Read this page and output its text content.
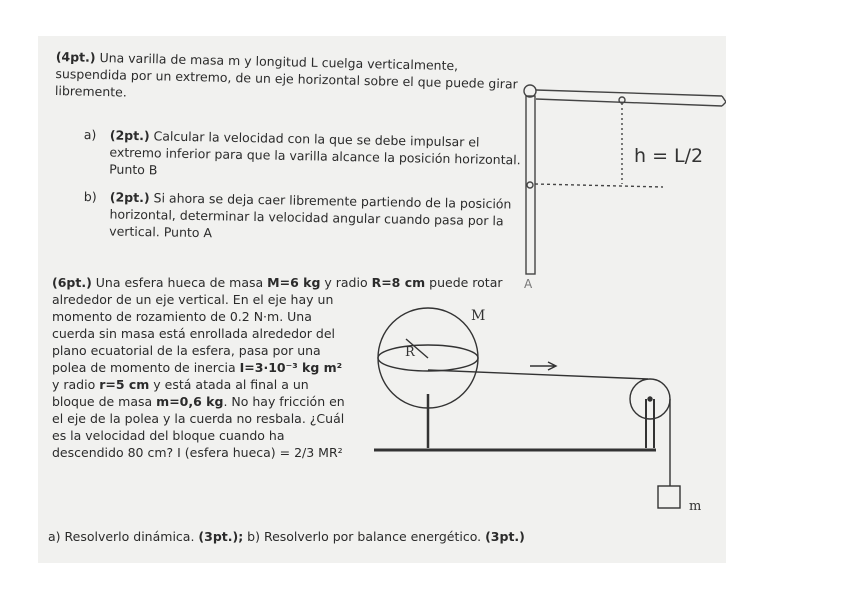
(4pt.) Una varilla de masa m y longitud L cuelga verticalmente, suspendida por un extremo, de un eje horizontal sobre el que puede girar libremente.
a)	(2pt.) Calcular la velocidad con la que se debe impulsar el extremo inferior para que la varilla alcance la posición horizontal. Punto B
b)	(2pt.) Si ahora se deja caer libremente partiendo de la posición horizontal, determinar la velocidad angular cuando pasa por la vertical. Punto A
(6pt.) Una esfera hueca de masa M=6 kg y radio R=8 cm puede rotar
alrededor de un eje vertical. En el eje hay un momento de rozamiento de 0.2 N·m. Una cuerda sin masa está enrollada alrededor del plano ecuatorial de la esfera, pasa por una polea de momento de inercia I=3·10⁻³ kg m² y radio r=5 cm y está atada al final a un bloque de masa m=0,6 kg. No hay fricción en el eje de la polea y la cuerda no resbala. ¿Cuál es la velocidad del bloque cuando ha descendido 80 cm? I (esfera hueca) = 2/3 MR²
a) Resolverlo dinámica. (3pt.); b) Resolverlo por balance energético. (3pt.)
h = L/2
A
M
R
m
